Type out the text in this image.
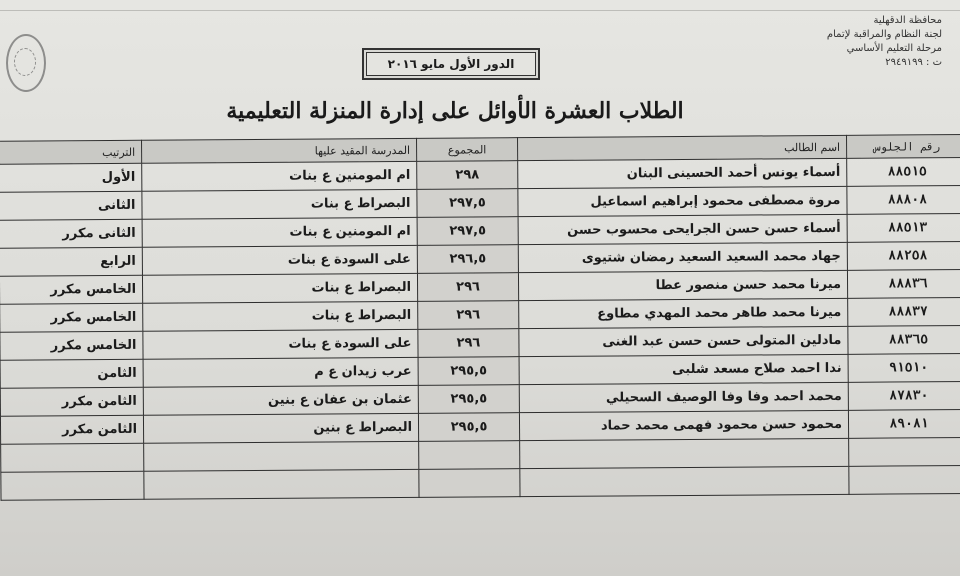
محافظة الدقهلية
لجنة النظام والمراقبة لإتمام
مرحلة التعليم الأساسي
ت : ٢٩٤٩١٩٩
الدور الأول مايو ٢٠١٦
الطلاب العشرة الأوائل على إدارة المنزلة التعليمية
رقم الجلوس	اسم الطالب	المجموع	المدرسة المقيد عليها	الترتيب
٨٨٥١٥	أسماء يونس أحمد الحسينى البنان	٢٩٨	ام المومنين ع بنات	الأول
٨٨٨٠٨	مروة مصطفى محمود إبراهيم اسماعيل	٢٩٧,٥	البصراط ع بنات	الثانى
٨٨٥١٣	أسماء حسن حسن الجرايحى محسوب حسن	٢٩٧,٥	ام المومنين ع بنات	الثانى مكرر
٨٨٢٥٨	جهاد محمد السعيد السعيد رمضان شتيوى	٢٩٦,٥	على السودة ع بنات	الرابع
٨٨٨٣٦	ميرنا محمد حسن منصور عطا	٢٩٦	البصراط ع بنات	الخامس مكرر
٨٨٨٣٧	ميرنا محمد طاهر محمد المهدي مطاوع	٢٩٦	البصراط ع بنات	الخامس مكرر
٨٨٣٦٥	مادلين المتولى حسن حسن عبد الغنى	٢٩٦	على السودة ع بنات	الخامس مكرر
٩١٥١٠	ندا احمد صلاح مسعد شلبى	٢٩٥,٥	عرب زيدان ع م	الثامن
٨٧٨٣٠	محمد احمد وفا وفا الوصيف السحيلي	٢٩٥,٥	عثمان بن عفان ع بنين	الثامن مكرر
٨٩٠٨١	محمود حسن محمود فهمى محمد حماد	٢٩٥,٥	البصراط ع بنين	الثامن مكرر
